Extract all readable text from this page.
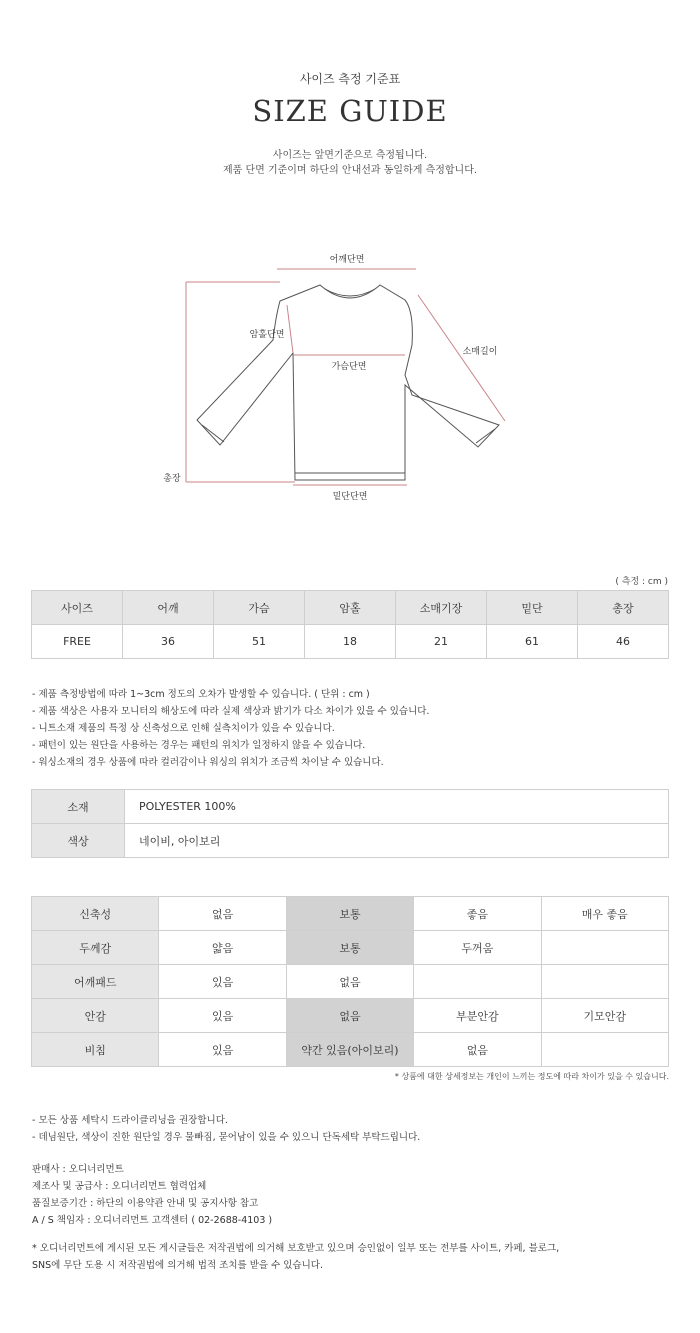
사이즈 측정 기준표
SIZE GUIDE
사이즈는 앞면기준으로 측정됩니다.
제품 단면 기준이며 하단의 안내선과 동일하게 측정합니다.
어깨단면
암홀단면
소매길이
가슴단면
총장
밑단단면
( 측정 : cm )
사이즈	어깨	가슴	암홀	소매기장	밑단	총장
FREE	36	51	18	21	61	46
- 제품 측정방법에 따라 1~3cm 정도의 오차가 발생할 수 있습니다. ( 단위 : cm )
- 제품 색상은 사용자 모니터의 해상도에 따라 실제 색상과 밝기가 다소 차이가 있을 수 있습니다.
- 니트소재 제품의 특정 상 신축성으로 인해 실측치이가 있을 수 있습니다.
- 패턴이 있는 원단을 사용하는 경우는 패턴의 위치가 일정하지 않을 수 있습니다.
- 워싱소재의 경우 상품에 따라 컬러감이나 워싱의 위치가 조금씩 차이날 수 있습니다.
소재	POLYESTER 100%
색상	네이비, 아이보리
신축성	없음	보통	좋음	매우 좋음
두께감	얇음	보통	두꺼움	
어깨패드	있음	없음		
안감	있음	없음	부분안감	기모안감
비침	있음	약간 있음(아이보리)	없음	
* 상품에 대한 상세정보는 개인이 느끼는 정도에 따라 차이가 있을 수 있습니다.
- 모든 상품 세탁시 드라이클리닝을 권장합니다.
- 데님원단, 색상이 진한 원단일 경우 물빠짐, 묻어남이 있을 수 있으니 단독세탁 부탁드립니다.
판매사 : 오디너리먼트
제조사 및 공급사 : 오디너리먼트 협력업체
품질보증기간 : 하단의 이용약관 안내 및 공지사항 참고
A / S 책임자 : 오디너리먼트 고객센터 ( 02-2688-4103 )
* 오디너리먼트에 게시된 모든 게시글들은 저작권법에 의거해 보호받고 있으며 승인없이 일부 또는 전부를 사이트, 카페, 블로그,
SNS에 무단 도용 시 저작권법에 의거해 법적 조치를 받을 수 있습니다.
